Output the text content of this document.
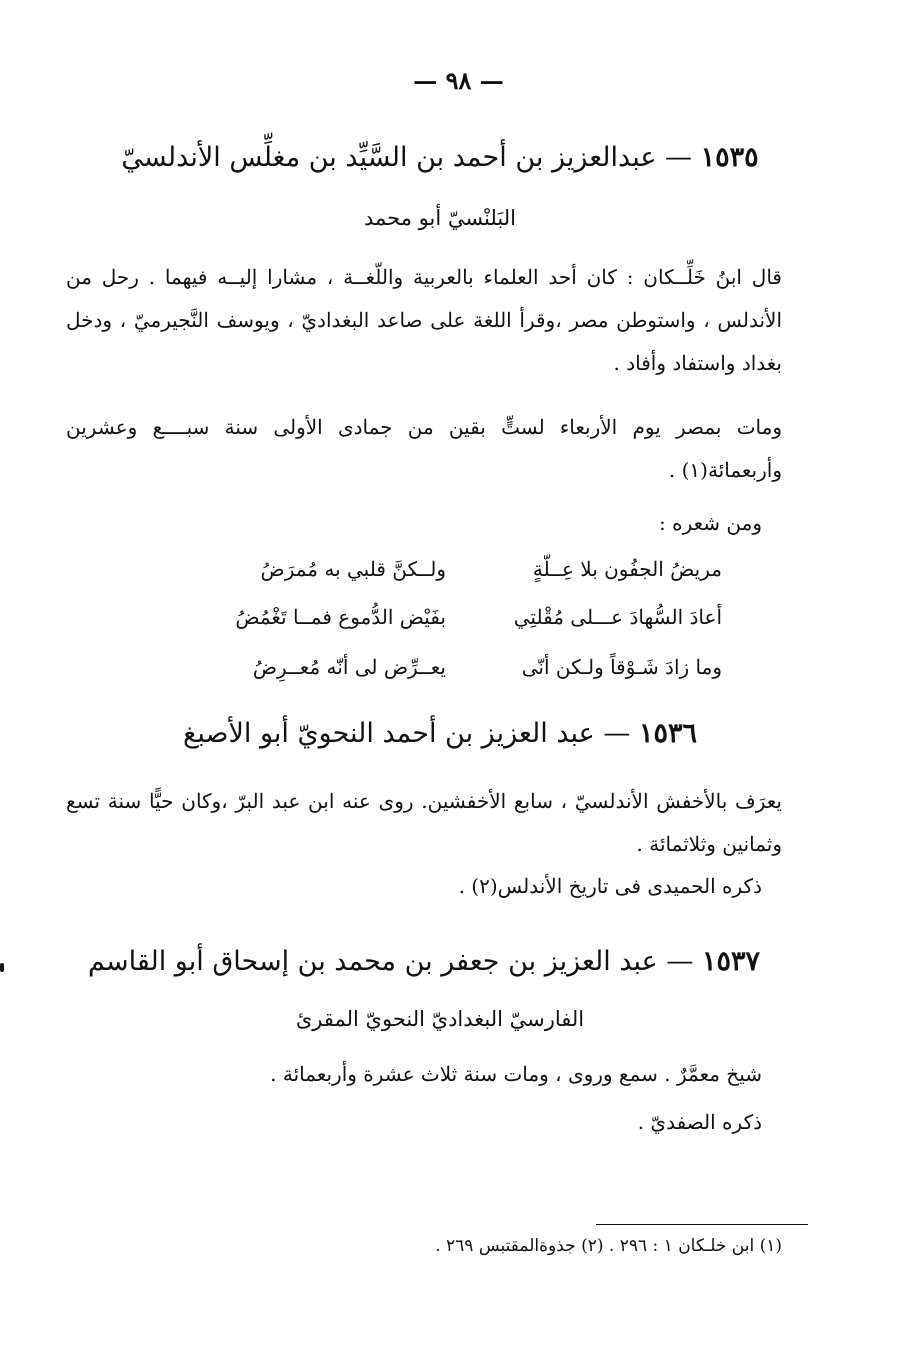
— ٩٨ —
١٥٣٥ — عبدالعزيز بن أحمد بن السَّيِّد بن مغلِّس الأندلسيّ
البَلنْسيّ أبو محمد
قال ابنُ خَلِّــكان : كان أحد العلماء بالعربية واللّغــة ، مشارا إليــه فيهما . رحل من الأندلس ، واستوطن مصر ،وقرأ اللغة على صاعد البغداديّ ، ويوسف النَّجيرميّ ، ودخل بغداد واستفاد وأفاد .
ومات بمصر يوم الأربعاء لستٍّ بقين من جمادى الأولى سنة سبــــع وعشرين وأربعمائة(١) .
ومن شعره :
مريضُ الجفُون بلا عِــلّةٍ
ولــكنَّ قلبي به مُمرَضُ
أعادَ السُّهادَ عـــلى مُقْلتِي
بفَيْض الدُّموع فمــا تَغْمُضُ
وما زادَ شَـوْقاً ولـكن أنّى
يعــرِّض لى أنّه مُعــرِضُ
١٥٣٦ — عبد العزيز بن أحمد النحويّ أبو الأصبغ
يعرَف بالأخفش الأندلسيّ ، سابع الأخفشين. روى عنه ابن عبد البرّ ،وكان حيًّا سنة تسع وثمانين وثلاثمائة .
ذكره الحميدى فى تاريخ الأندلس(٢) .
١٥٣٧ — عبد العزيز بن جعفر بن محمد بن إسحاق أبو القاسم
الفارسيّ البغداديّ النحويّ المقرىٔ
شيخ معمَّرٌ . سمع وروى ، ومات سنة ثلاث عشرة وأربعمائة .
ذكره الصفديّ .
(١) ابن خلـكان ١ : ٢٩٦ . (٢) جذوةالمقتبس ٢٦٩ .
